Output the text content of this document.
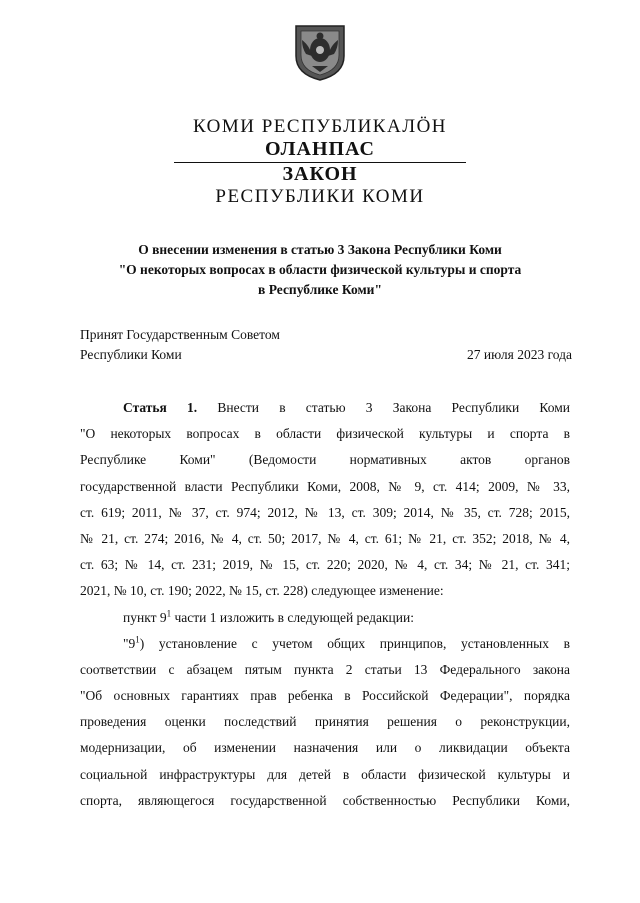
КОМИ РЕСПУБЛИКАЛӦН
ОЛАНПАС
ЗАКОН
РЕСПУБЛИКИ КОМИ
О внесении изменения в статью 3 Закона Республики Коми
"О некоторых вопросах в области физической культуры и спорта
в Республике Коми"
Принят Государственным Советом
Республики Коми	27 июля 2023 года
Статья 1. Внести в статью 3 Закона Республики Коми
"О некоторых вопросах в области физической культуры и спорта в
Республике Коми" (Ведомости нормативных актов органов
государственной власти Республики Коми, 2008, № 9, ст. 414; 2009, № 33,
ст. 619; 2011, № 37, ст. 974; 2012, № 13, ст. 309; 2014, № 35, ст. 728; 2015,
№ 21, ст. 274; 2016, № 4, ст. 50; 2017, № 4, ст. 61; № 21, ст. 352; 2018, № 4,
ст. 63; № 14, ст. 231; 2019, № 15, ст. 220; 2020, № 4, ст. 34; № 21, ст. 341;
2021, № 10, ст. 190; 2022, № 15, ст. 228) следующее изменение:
пункт $9^1$ части 1 изложить в следующей редакции:
"$9^1$) установление с учетом общих принципов, установленных в
соответствии с абзацем пятым пункта 2 статьи 13 Федерального закона
"Об основных гарантиях прав ребенка в Российской Федерации", порядка
проведения оценки последствий принятия решения о реконструкции,
модернизации, об изменении назначения или о ликвидации объекта
социальной инфраструктуры для детей в области физической культуры и
спорта, являющегося государственной собственностью Республики Коми,
